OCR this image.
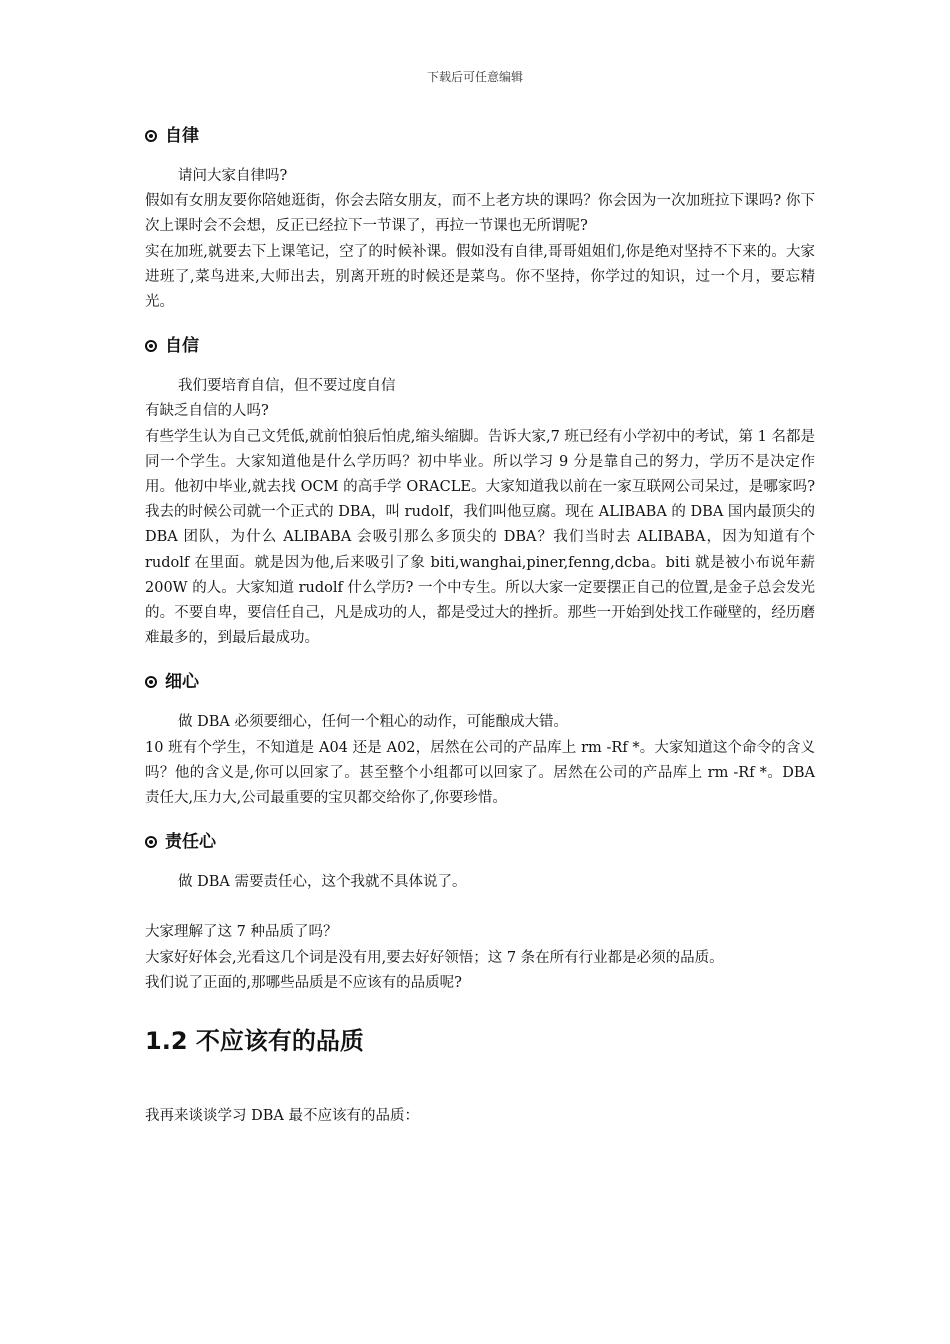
下载后可任意编辑
自律

请问大家自律吗?

假如有女朋友要你陪她逛街，你会去陪女朋友，而不上老方块的课吗？你会因为一次加班拉下课吗? 你下次上课时会不会想，反正已经拉下一节课了，再拉一节课也无所谓呢?

实在加班,就要去下上课笔记，空了的时候补课。假如没有自律,哥哥姐姐们,你是绝对坚持不下来的。大家进班了,菜鸟进来,大师出去，别离开班的时候还是菜鸟。你不坚持，你学过的知识，过一个月，要忘精光。

自信

我们要培育自信，但不要过度自信

有缺乏自信的人吗?

有些学生认为自己文凭低,就前怕狼后怕虎,缩头缩脚。告诉大家,7 班已经有小学初中的考试，第 1 名都是同一个学生。大家知道他是什么学历吗？初中毕业。所以学习 9 分是靠自己的努力，学历不是决定作用。他初中毕业,就去找 OCM 的高手学 ORACLE。大家知道我以前在一家互联网公司呆过，是哪家吗? 我去的时候公司就一个正式的 DBA，叫 rudolf，我们叫他豆腐。现在 ALIBABA 的 DBA 国内最顶尖的 DBA 团队，为什么 ALIBABA 会吸引那么多顶尖的 DBA？我们当时去 ALIBABA，因为知道有个 rudolf 在里面。就是因为他,后来吸引了象 biti,wanghai,piner,fenng,dcba。biti 就是被小布说年薪 200W 的人。大家知道 rudolf 什么学历? 一个中专生。所以大家一定要摆正自己的位置,是金子总会发光的。不要自卑，要信任自己，凡是成功的人，都是受过大的挫折。那些一开始到处找工作碰壁的，经历磨难最多的，到最后最成功。

细心

做 DBA 必须要细心，任何一个粗心的动作，可能酿成大错。

10 班有个学生，不知道是 A04 还是 A02，居然在公司的产品库上 rm -Rf *。大家知道这个命令的含义吗？他的含义是,你可以回家了。甚至整个小组都可以回家了。居然在公司的产品库上 rm -Rf *。DBA 责任大,压力大,公司最重要的宝贝都交给你了,你要珍惜。

责任心

做 DBA 需要责任心，这个我就不具体说了。

大家理解了这 7 种品质了吗？

大家好好体会,光看这几个词是没有用,要去好好领悟；这 7 条在所有行业都是必须的品质。

我们说了正面的,那哪些品质是不应该有的品质呢?

1.2 不应该有的品质

我再来谈谈学习 DBA 最不应该有的品质：
